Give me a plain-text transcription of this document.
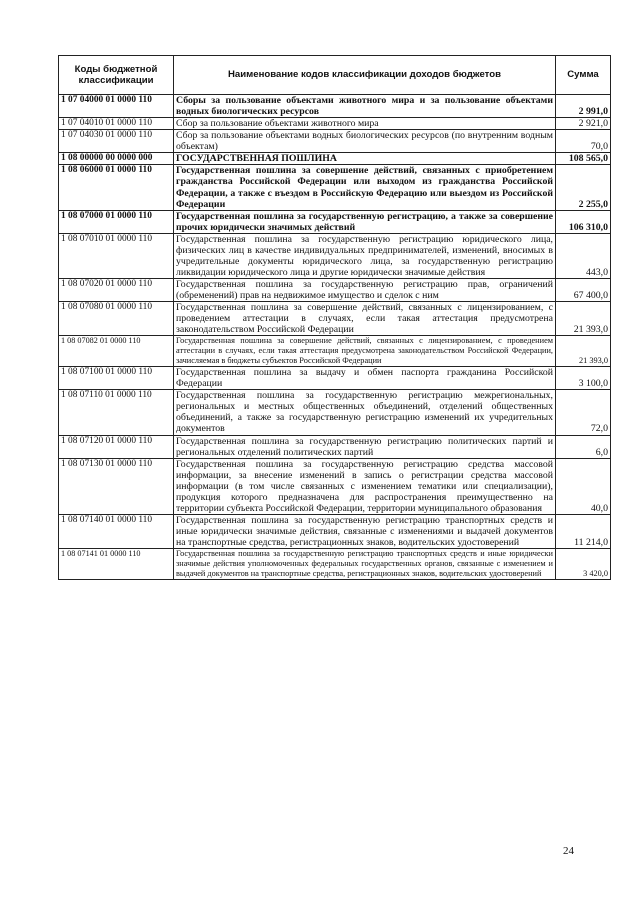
Коды бюджетной классификации	Наименование кодов классификации доходов бюджетов	Сумма
1 07 04000 01 0000 110	Сборы за пользование объектами животного мира и за пользование объектами водных биологических ресурсов	2 991,0
1 07 04010 01 0000 110	Сбор за пользование объектами животного мира	2 921,0
1 07 04030 01 0000 110	Сбор за пользование объектами водных биологических ресурсов (по внутренним водным объектам)	70,0
1 08 00000 00 0000 000	ГОСУДАРСТВЕННАЯ ПОШЛИНА	108 565,0
1 08 06000 01 0000 110	Государственная пошлина за совершение действий, связанных с приобретением гражданства Российской Федерации или выходом из гражданства Российской Федерации, а также с въездом в Российскую Федерацию или выездом из Российской Федерации	2 255,0
1 08 07000 01 0000 110	Государственная пошлина за государственную регистрацию, а также за совершение прочих юридически значимых действий	106 310,0
1 08 07010 01 0000 110	Государственная пошлина за государственную регистрацию юридического лица, физических лиц в качестве индивидуальных предпринимателей, изменений, вносимых в учредительные документы юридического лица, за государственную регистрацию ликвидации юридического лица и другие юридически значимые действия	443,0
1 08 07020 01 0000 110	Государственная пошлина за государственную регистрацию прав, ограничений (обременений) прав на недвижимое имущество и сделок с ним	67 400,0
1 08 07080 01 0000 110	Государственная пошлина за совершение действий, связанных с лицензированием, с проведением аттестации в случаях, если такая аттестация предусмотрена законодательством Российской Федерации	21 393,0
1 08 07082 01 0000 110	Государственная пошлина за совершение действий, связанных с лицензированием, с проведением аттестации в случаях, если такая аттестация предусмотрена законодательством Российской Федерации, зачисляемая в бюджеты субъектов Российской Федерации	21 393,0
1 08 07100 01 0000 110	Государственная пошлина за выдачу и обмен паспорта гражданина Российской Федерации	3 100,0
1 08 07110 01 0000 110	Государственная пошлина за государственную регистрацию межрегиональных, региональных и местных общественных объединений, отделений общественных объединений, а также за государственную регистрацию изменений их учредительных документов	72,0
1 08 07120 01 0000 110	Государственная пошлина за государственную регистрацию политических партий и региональных отделений политических партий	6,0
1 08 07130 01 0000 110	Государственная пошлина за государственную регистрацию средства массовой информации, за внесение изменений в запись о регистрации средства массовой информации (в том числе связанных с изменением тематики или специализации), продукция которого предназначена для распространения преимущественно на территории субъекта Российской Федерации, территории муниципального образования	40,0
1 08 07140 01 0000 110	Государственная пошлина за государственную регистрацию транспортных средств и иные юридически значимые действия, связанные с изменениями и выдачей документов на транспортные средства, регистрационных знаков, водительских удостоверений	11 214,0
1 08 07141 01 0000 110	Государственная пошлина за государственную регистрацию транспортных средств и иные юридически значимые действия уполномоченных федеральных государственных органов, связанные с изменением и выдачей документов на транспортные средства, регистрационных знаков, водительских удостоверений	3 420,0
24
